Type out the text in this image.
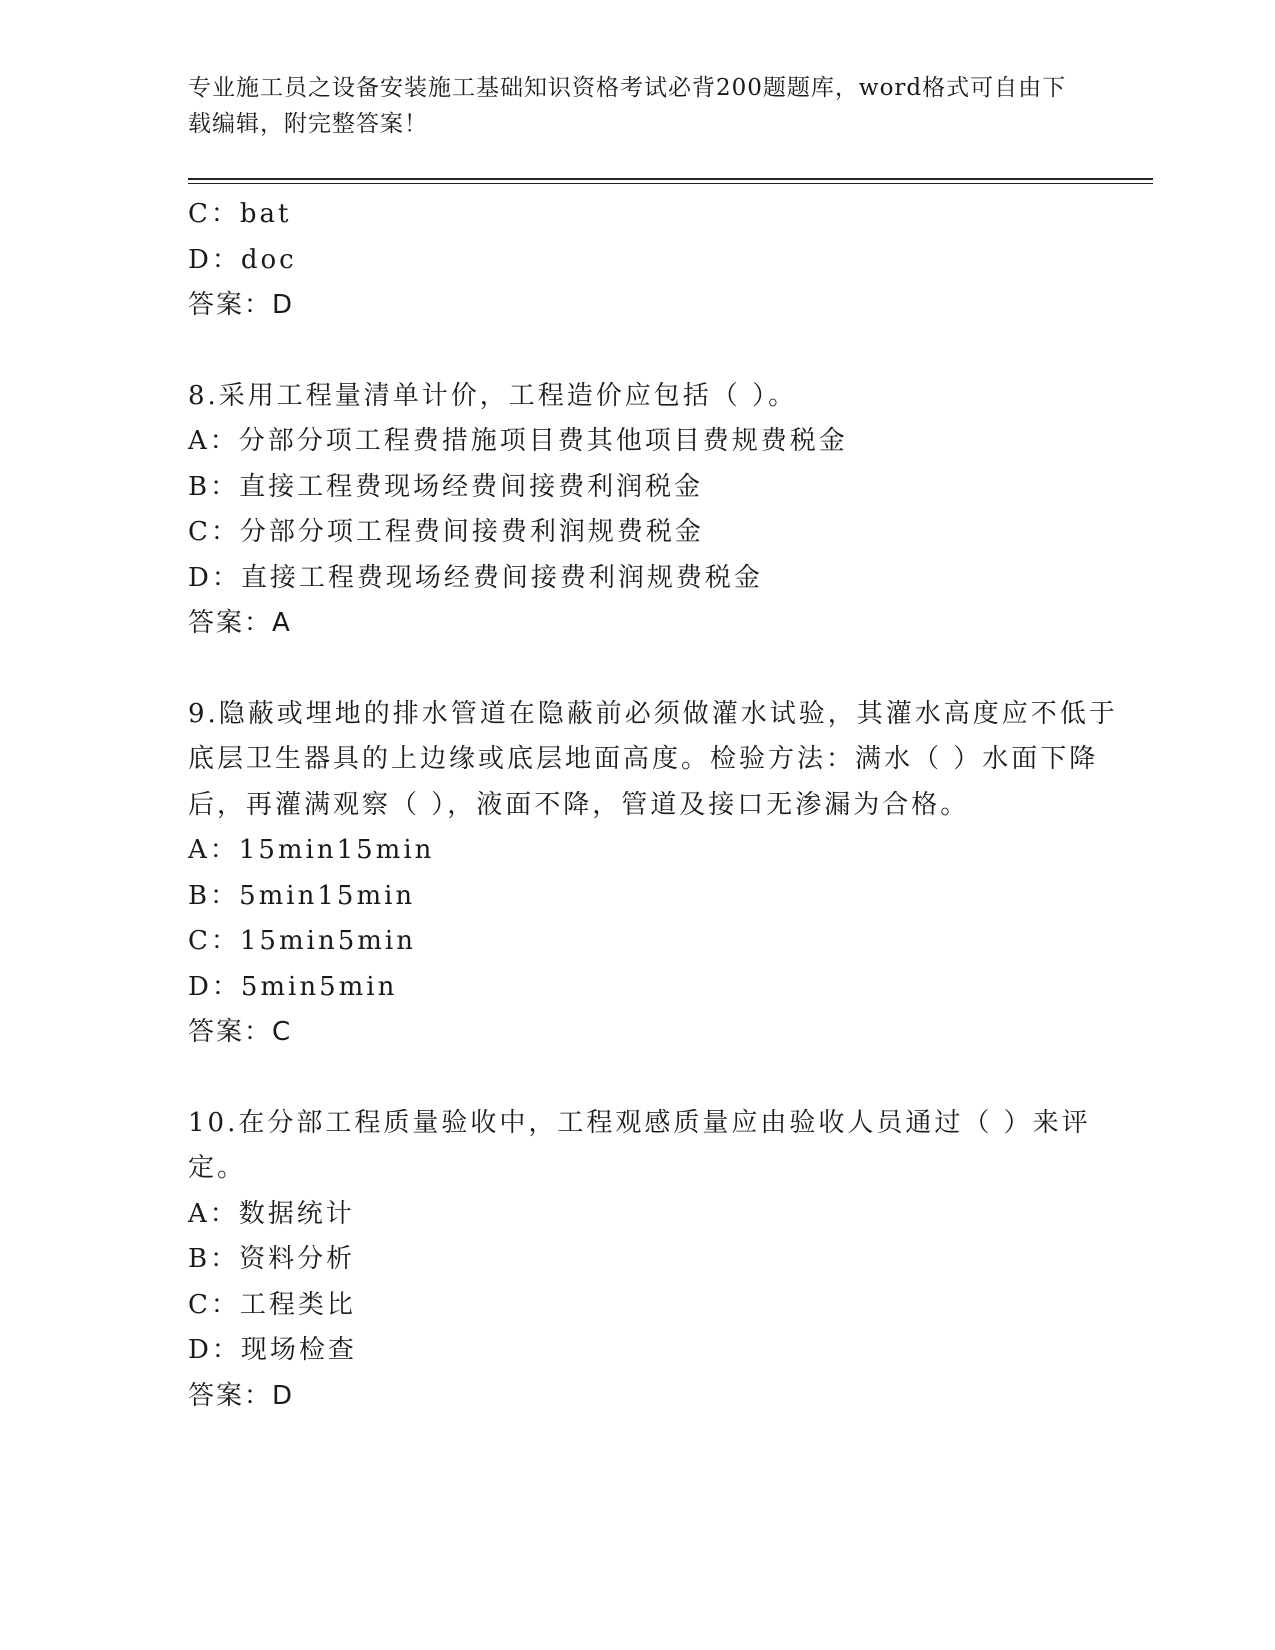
专业施工员之设备安装施工基础知识资格考试必背200题题库，word格式可自由下载编辑，附完整答案！
C：bat
D：doc
答案：D
8.采用工程量清单计价，工程造价应包括（ ）。
A：分部分项工程费措施项目费其他项目费规费税金
B：直接工程费现场经费间接费利润税金
C：分部分项工程费间接费利润规费税金
D：直接工程费现场经费间接费利润规费税金
答案：A
9.隐蔽或埋地的排水管道在隐蔽前必须做灌水试验，其灌水高度应不低于底层卫生器具的上边缘或底层地面高度。检验方法：满水（ ）水面下降后，再灌满观察（ ），液面不降，管道及接口无渗漏为合格。
A：15min15min
B：5min15min
C：15min5min
D：5min5min
答案：C
10.在分部工程质量验收中，工程观感质量应由验收人员通过（ ）来评定。
A：数据统计
B：资料分析
C：工程类比
D：现场检查
答案：D
